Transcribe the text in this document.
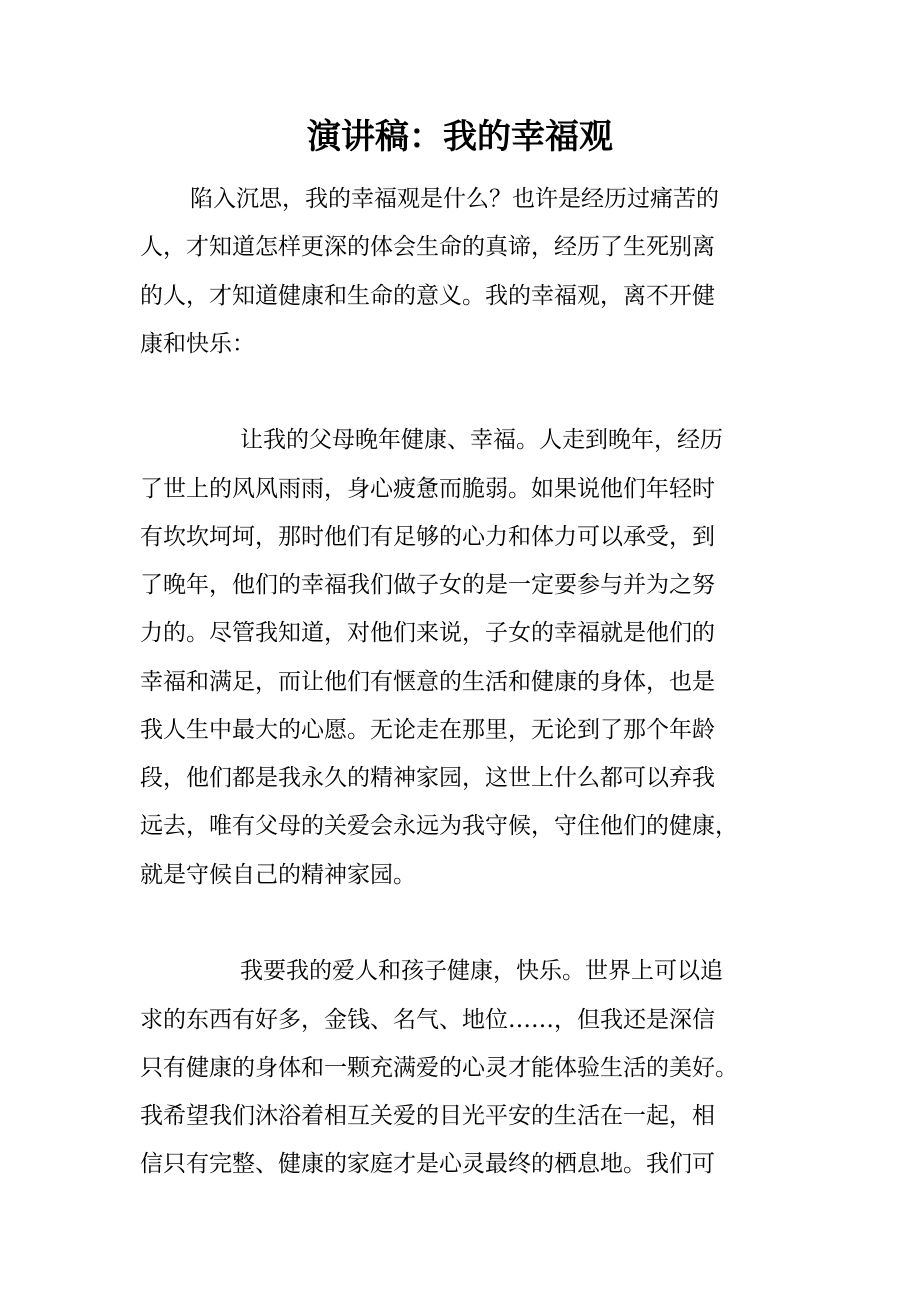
演讲稿：我的幸福观

陷入沉思，我的幸福观是什么？也许是经历过痛苦的

人，才知道怎样更深的体会生命的真谛，经历了生死别离

的人，才知道健康和生命的意义。我的幸福观，离不开健

康和快乐：

让我的父母晚年健康、幸福。人走到晚年，经历

了世上的风风雨雨，身心疲惫而脆弱。如果说他们年轻时

有坎坎坷坷，那时他们有足够的心力和体力可以承受，到

了晚年，他们的幸福我们做子女的是一定要参与并为之努

力的。尽管我知道，对他们来说，子女的幸福就是他们的

幸福和满足，而让他们有惬意的生活和健康的身体，也是

我人生中最大的心愿。无论走在那里，无论到了那个年龄

段，他们都是我永久的精神家园，这世上什么都可以弃我

远去，唯有父母的关爱会永远为我守候，守住他们的健康，

就是守候自己的精神家园。

我要我的爱人和孩子健康，快乐。世界上可以追

求的东西有好多，金钱、名气、地位……，但我还是深信

只有健康的身体和一颗充满爱的心灵才能体验生活的美好。

我希望我们沐浴着相互关爱的目光平安的生活在一起，相

信只有完整、健康的家庭才是心灵最终的栖息地。我们可
